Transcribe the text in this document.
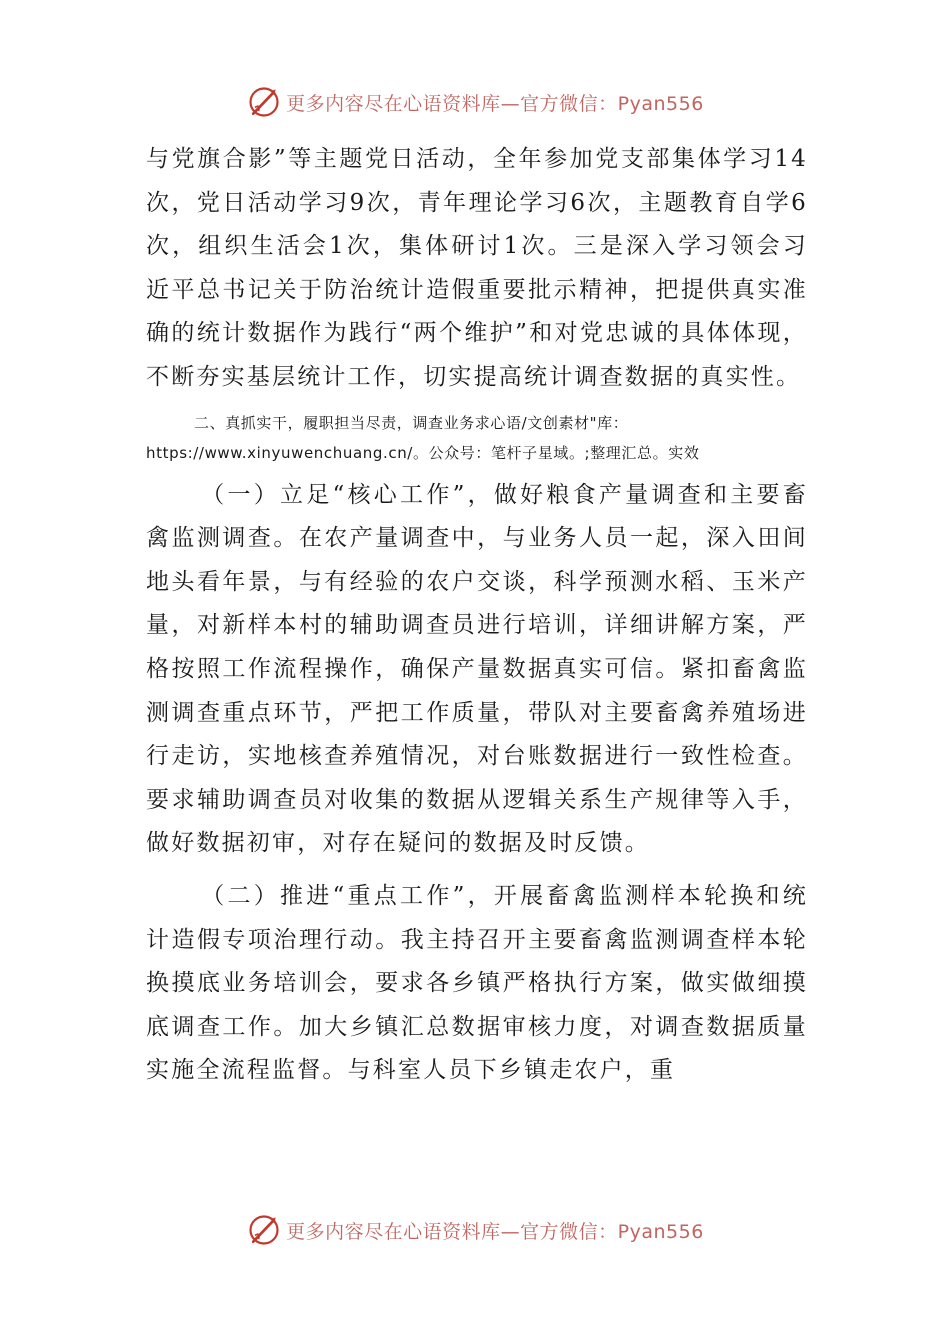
更多内容尽在心语资料库—官方微信：Pyan556

与党旗合影”等主题党日活动，全年参加党支部集体学习14次，党日活动学习9次，青年理论学习6次，主题教育自学6次，组织生活会1次，集体研讨1次。三是深入学习领会习近平总书记关于防治统计造假重要批示精神，把提供真实准确的统计数据作为践行“两个维护”和对党忠诚的具体体现，不断夯实基层统计工作，切实提高统计调查数据的真实性。

二、真抓实干，履职担当尽责，调查业务求心语/文创素材"库：https://www.xinyuwenchuang.cn/。公众号：笔杆子星域。;整理汇总。实效

（一）立足“核心工作”，做好粮食产量调查和主要畜禽监测调查。在农产量调查中，与业务人员一起，深入田间地头看年景，与有经验的农户交谈，科学预测水稻、玉米产量，对新样本村的辅助调查员进行培训，详细讲解方案，严格按照工作流程操作，确保产量数据真实可信。紧扣畜禽监测调查重点环节，严把工作质量，带队对主要畜禽养殖场进行走访，实地核查养殖情况，对台账数据进行一致性检查。要求辅助调查员对收集的数据从逻辑关系生产规律等入手，做好数据初审，对存在疑问的数据及时反馈。

（二）推进“重点工作”，开展畜禽监测样本轮换和统计造假专项治理行动。我主持召开主要畜禽监测调查样本轮换摸底业务培训会，要求各乡镇严格执行方案，做实做细摸底调查工作。加大乡镇汇总数据审核力度，对调查数据质量实施全流程监督。与科室人员下乡镇走农户，重

更多内容尽在心语资料库—官方微信：Pyan556
